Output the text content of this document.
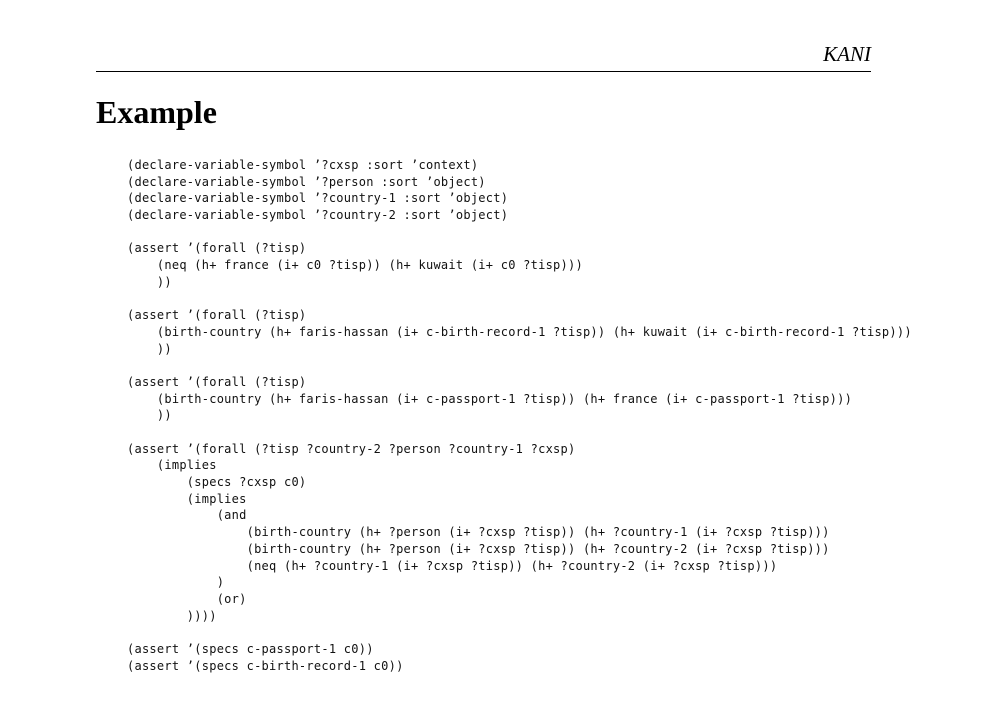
KANI
Example
(declare-variable-symbol ’?cxsp :sort ’context)
(declare-variable-symbol ’?person :sort ’object)
(declare-variable-symbol ’?country-1 :sort ’object)
(declare-variable-symbol ’?country-2 :sort ’object)
(assert ’(forall (?tisp)
(neq (h+ france (i+ c0 ?tisp)) (h+ kuwait (i+ c0 ?tisp)))
))
(assert ’(forall (?tisp)
(birth-country (h+ faris-hassan (i+ c-birth-record-1 ?tisp)) (h+ kuwait (i+ c-birth-record-1 ?tisp)))
))
(assert ’(forall (?tisp)
(birth-country (h+ faris-hassan (i+ c-passport-1 ?tisp)) (h+ france (i+ c-passport-1 ?tisp)))
))
(assert ’(forall (?tisp ?country-2 ?person ?country-1 ?cxsp)
(implies
(specs ?cxsp c0)
(implies
(and
(birth-country (h+ ?person (i+ ?cxsp ?tisp)) (h+ ?country-1 (i+ ?cxsp ?tisp)))
(birth-country (h+ ?person (i+ ?cxsp ?tisp)) (h+ ?country-2 (i+ ?cxsp ?tisp)))
(neq (h+ ?country-1 (i+ ?cxsp ?tisp)) (h+ ?country-2 (i+ ?cxsp ?tisp)))
)
(or)
))))
(assert ’(specs c-passport-1 c0))
(assert ’(specs c-birth-record-1 c0))
